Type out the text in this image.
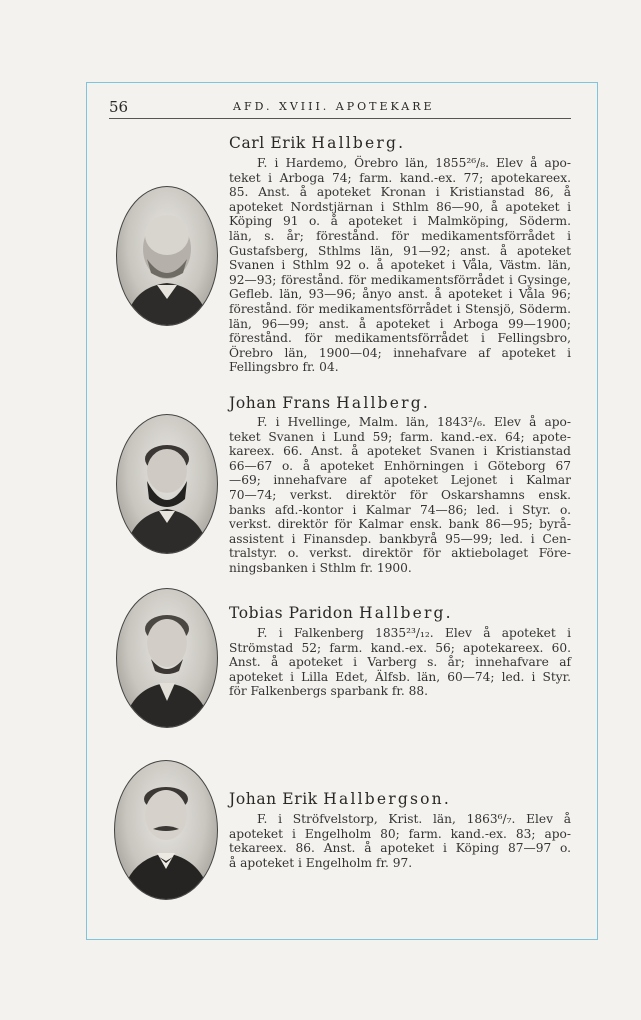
56	AFD. XVIII. APOTEKARE
Carl Erik Hallberg.

F. i Hardemo, Örebro län, 1855²⁶/₈. Elev å apo-

teket i Arboga 74; farm. kand.-ex. 77; apotekareex.

85. Anst. å apoteket Kronan i Kristianstad 86, å

apoteket Nordstjärnan i Sthlm 86—90, å apoteket i

Köping 91 o. å apoteket i Malmköping, Söderm.

län, s. år; förestånd. för medikamentsförrådet i

Gustafsberg, Sthlms län, 91—92; anst. å apoteket

Svanen i Sthlm 92 o. å apoteket i Våla, Västm. län,

92—93; förestånd. för medikamentsförrådet i Gysinge,

Gefleb. län, 93—96; ånyo anst. å apoteket i Våla 96;

förestånd. för medikamentsförrådet i Stensjö, Söderm.

län, 96—99; anst. å apoteket i Arboga 99—1900;

förestånd. för medikamentsförrådet i Fellingsbro,

Örebro län, 1900—04; innehafvare af apoteket i

Fellingsbro fr. 04.

Johan Frans Hallberg.

F. i Hvellinge, Malm. län, 1843²/₆. Elev å apo-

teket Svanen i Lund 59; farm. kand.-ex. 64; apote-

kareex. 66. Anst. å apoteket Svanen i Kristianstad

66—67 o. å apoteket Enhörningen i Göteborg 67

—69; innehafvare af apoteket Lejonet i Kalmar

70—74; verkst. direktör för Oskarshamns ensk.

banks afd.-kontor i Kalmar 74—86; led. i Styr. o.

verkst. direktör för Kalmar ensk. bank 86—95; byrå-

assistent i Finansdep. bankbyrå 95—99; led. i Cen-

tralstyr. o. verkst. direktör för aktiebolaget Före-

ningsbanken i Sthlm fr. 1900.

Tobias Paridon Hallberg.

F. i Falkenberg 1835²³/₁₂. Elev å apoteket i

Strömstad 52; farm. kand.-ex. 56; apotekareex. 60.

Anst. å apoteket i Varberg s. år; innehafvare af

apoteket i Lilla Edet, Älfsb. län, 60—74; led. i Styr.

för Falkenbergs sparbank fr. 88.

Johan Erik Hallbergson.

F. i Ströfvelstorp, Krist. län, 1863⁶/₇. Elev å

apoteket i Engelholm 80; farm. kand.-ex. 83; apo-

tekareex. 86. Anst. å apoteket i Köping 87—97 o.

å apoteket i Engelholm fr. 97.
